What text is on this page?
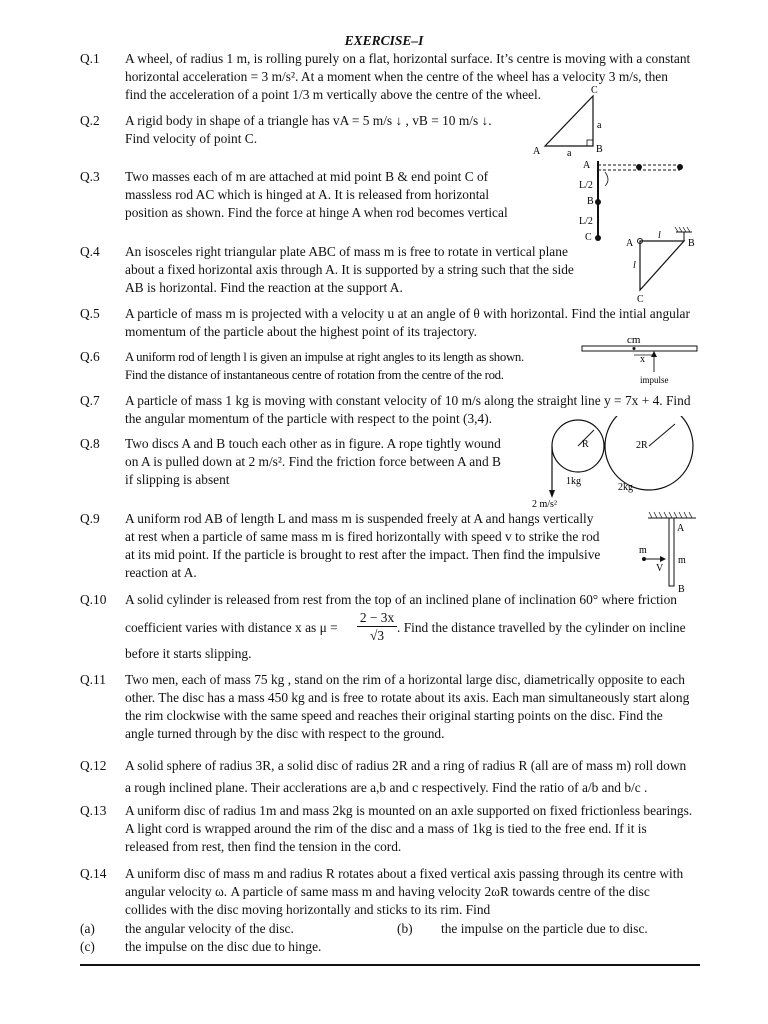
EXERCISE–I
Q.1	A wheel, of radius 1 m, is rolling purely on a flat, horizontal surface. It’s centre is moving with a constant
horizontal acceleration = 3 m/s². At a moment when the centre of the wheel has a velocity 3 m/s, then
find the acceleration of a point 1/3 m vertically above the centre of the wheel.
Q.2	A rigid body in shape of a triangle has vA = 5 m/s ↓ , vB = 10 m/s ↓.
Find velocity of point C.
C
a
A	a B
Q.3	Two masses each of m are attached at mid point B & end point C of
massless rod AC which is hinged at A. It is released from horizontal
position as shown. Find the force at hinge A when rod becomes vertical
A
L/2
B
L/2
C
Q.4	An isosceles right triangular plate ABC of mass m is free to rotate in vertical plane
about a fixed horizontal axis through A. It is supported by a string such that the side
AB is horizontal. Find the reaction at the support A.
A
l
B
l
C
Q.5	A particle of mass m is projected with a velocity u at an angle of θ with horizontal. Find the intial angular
momentum of the particle about the highest point of its trajectory.
Q.6	A uniform rod of length l is given an impulse at right angles to its length as shown.
Find the distance of instantaneous centre of rotation from the centre of the rod.
cm
x
impulse
Q.7	A particle of mass 1 kg is moving with constant velocity of 10 m/s along the straight line y = 7x + 4. Find
the angular momentum of the particle with respect to the point (3,4).
Q.8	Two discs A and B touch each other as in figure. A rope tightly wound
on A is pulled down at 2 m/s². Find the friction force between A and B
if slipping is absent
R	2R
1kg
2kg
2 m/s²
Q.9	A uniform rod AB of length L and mass m is suspended freely at A and hangs vertically
at rest when a particle of same mass m is fired horizontally with speed v to strike the rod
at its mid point. If the particle is brought to rest after the impact. Then find the impulsive
reaction at A.
A
m
m
V
B
Q.10	A solid cylinder is released from rest from the top of an inclined plane of inclination 60° where friction
coefficient varies with distance x as $\mu = \frac{2 - 3x}{√3}$ . Find the distance travelled by the cylinder on incline
before it starts slipping.
Q.11	Two men, each of mass 75 kg , stand on the rim of a horizontal large disc, diametrically opposite to each
other. The disc has a mass 450 kg and is free to rotate about its axis. Each man simultaneously start along
the rim clockwise with the same speed and reaches their original starting points on the disc. Find the
angle turned through by the disc with respect to the ground.
Q.12	A solid sphere of radius 3R, a solid disc of radius 2R and a ring of radius R (all are of mass m) roll down
a rough inclined plane. Their acclerations are a,b and c respectively. Find the ratio of a/b and b/c .
Q.13	A uniform disc of radius 1m and mass 2kg is mounted on an axle supported on fixed frictionless bearings.
A light cord is wrapped around the rim of the disc and a mass of 1kg is tied to the free end. If it is
released from rest, then find the tension in the cord.
Q.14	A uniform disc of mass m and radius R rotates about a fixed vertical axis passing through its centre with
angular velocity ω. A particle of same mass m and having velocity 2ωR towards centre of the disc
collides with the disc moving horizontally and sticks to its rim. Find
(a) the angular velocity of the disc.	(b) the impulse on the particle due to disc.
(c) the impulse on the disc due to hinge.
